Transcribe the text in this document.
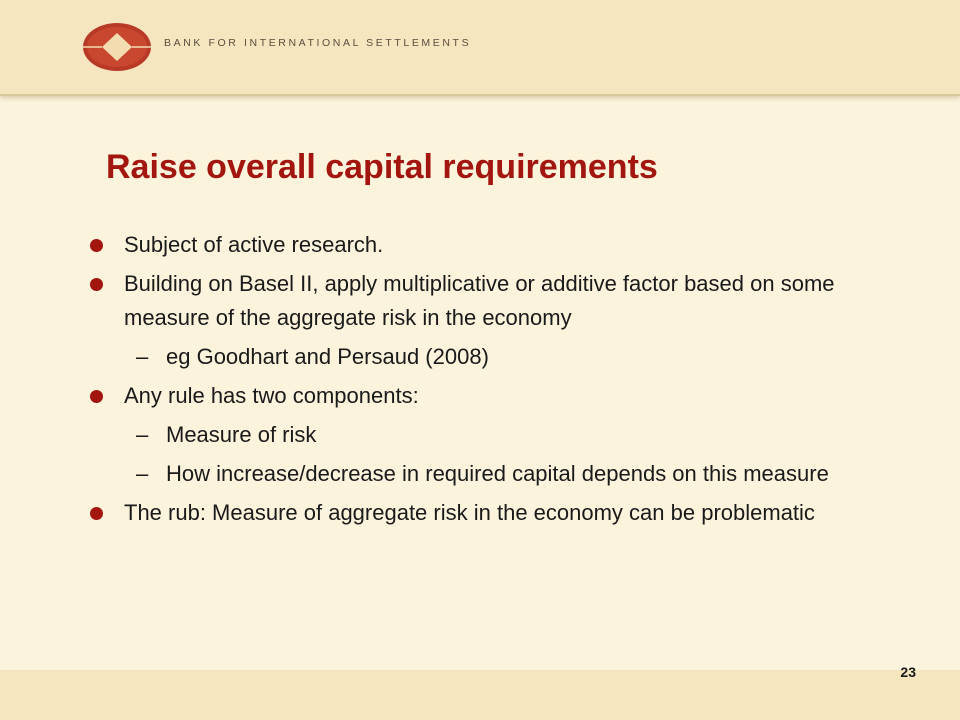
BANK FOR INTERNATIONAL SETTLEMENTS
Raise overall capital requirements
Subject of active research.
Building on Basel II, apply multiplicative or additive factor based on some measure of the aggregate risk in the economy
– eg Goodhart and Persaud (2008)
Any rule has two components:
– Measure of risk
– How increase/decrease in required capital depends on this measure
The rub: Measure of aggregate risk in the economy can be problematic
23
